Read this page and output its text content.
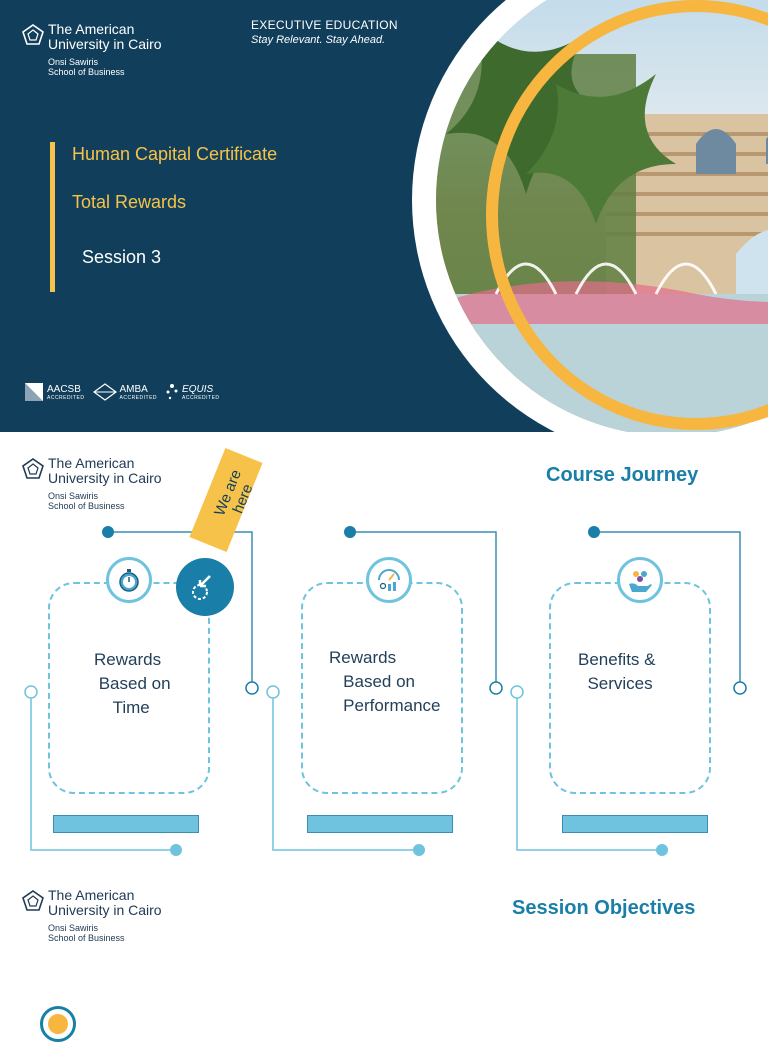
The American
University in Cairo
Onsi Sawiris
School of Business
EXECUTIVE EDUCATION
Stay Relevant. Stay Ahead.
Human Capital Certificate
Total Rewards
Session 3
AACSB
ACCREDITED
AMBA
ACCREDITED
EQUIS
ACCREDITED
The American
University in Cairo
Onsi Sawiris
School of Business
Course Journey
We are here
Rewards
Based on
Time
Rewards
Based on
Performance
Benefits &
Services
The American
University in Cairo
Onsi Sawiris
School of Business
Session Objectives
